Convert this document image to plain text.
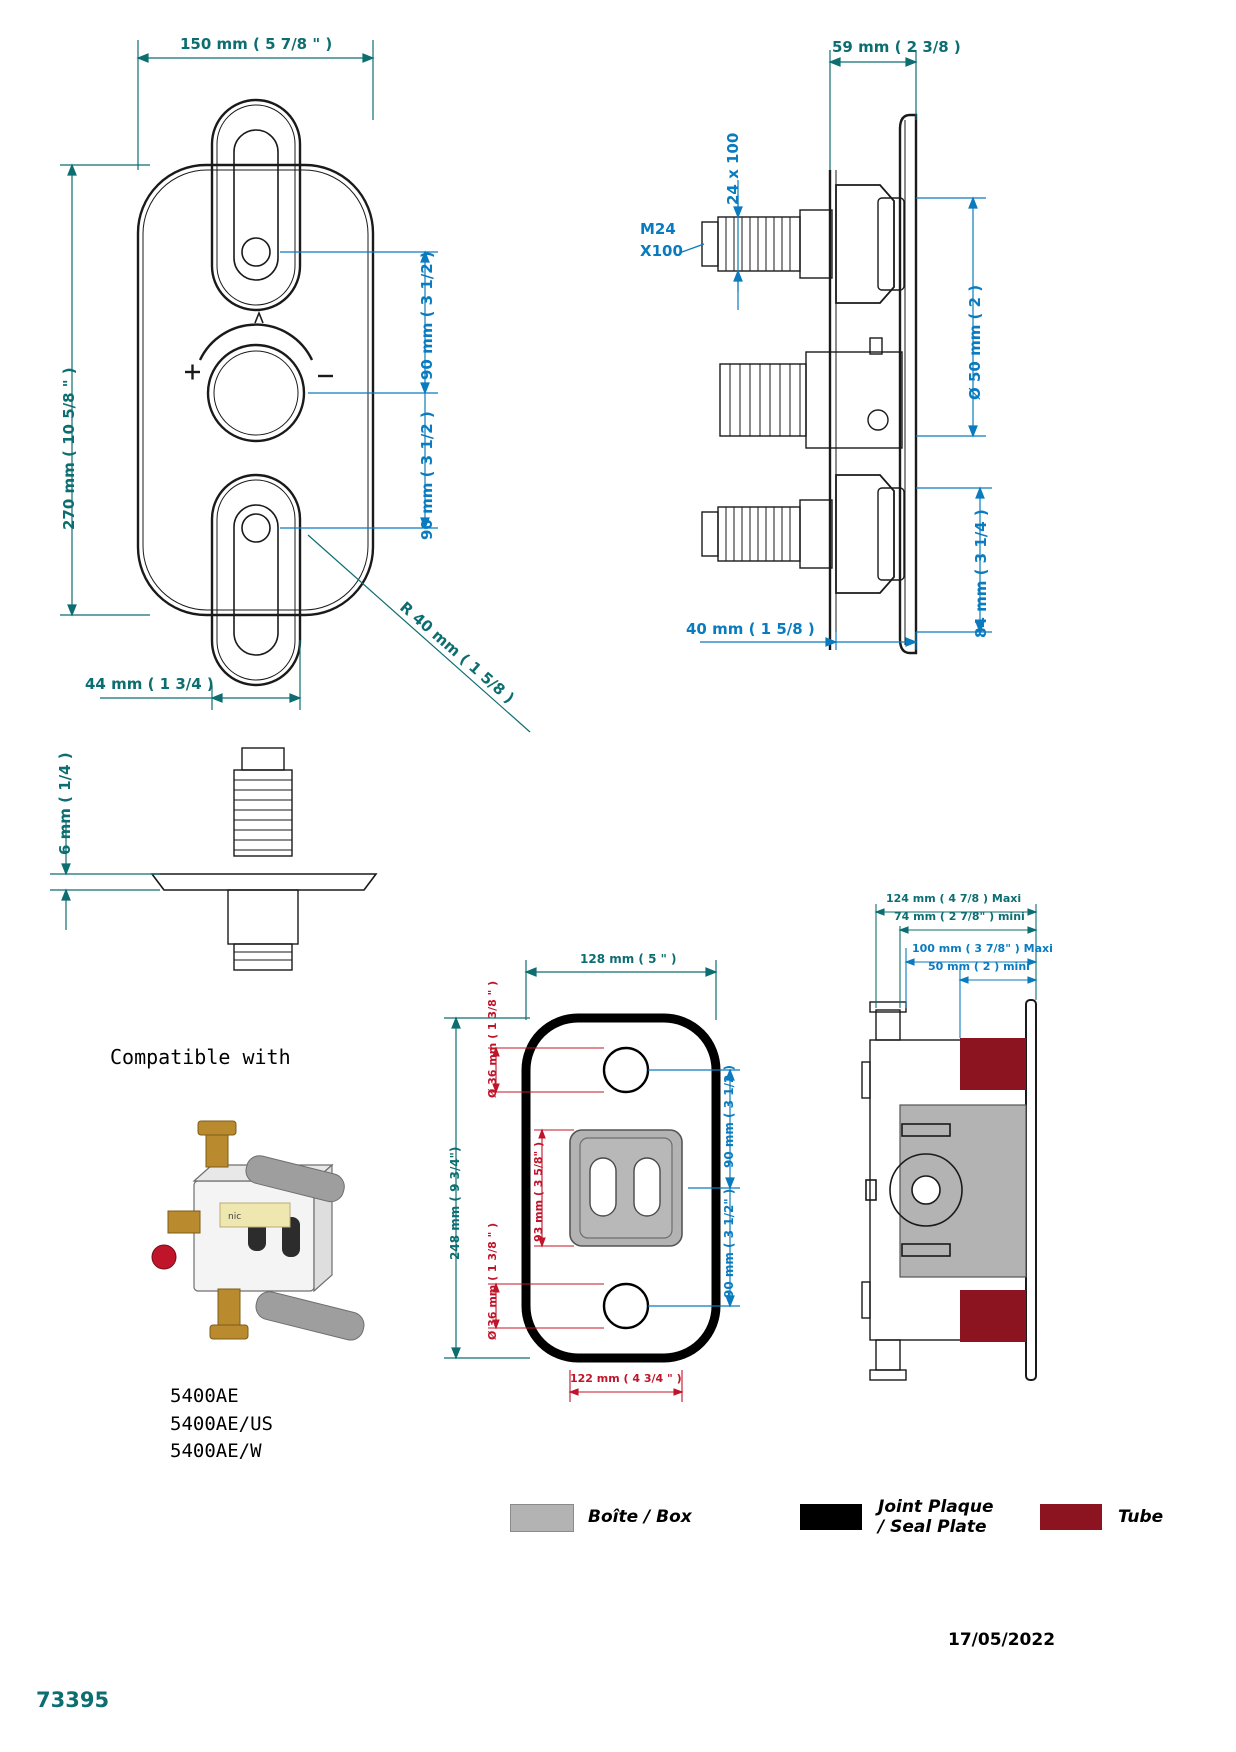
150 mm ( 5 7/8 " )
270 mm ( 10 5/8 " )
90 mm ( 3 1/2 )
90 mm ( 3 1/2 )
44 mm ( 1 3/4 )	R 40 mm ( 1 5/8 )
59 mm ( 2 3/8 )
24 x 100
M24
X100
Ø 50 mm ( 2 )
40 mm ( 1 5/8 )	84 mm ( 3 1/4 )
6 mm ( 1/4 )
Compatible with
nic
5400AE
5400AE/US
5400AE/W
128 mm ( 5 " )
248 mm ( 9 3/4")
Ø 36 mm ( 1 3/8 " )
Ø 36 mm ( 1 3/8 " )
93 mm ( 3 5/8" )
90 mm ( 3 1/2 )
90 mm ( 3 1/2" )
122 mm ( 4 3/4 " )
124 mm ( 4 7/8 ) Maxi
74 mm ( 2 7/8" ) mini
100 mm ( 3 7/8" ) Maxi
50 mm ( 2 ) mini
Boîte / Box	Joint Plaque
/ Seal Plate	Tube
17/05/2022
73395
